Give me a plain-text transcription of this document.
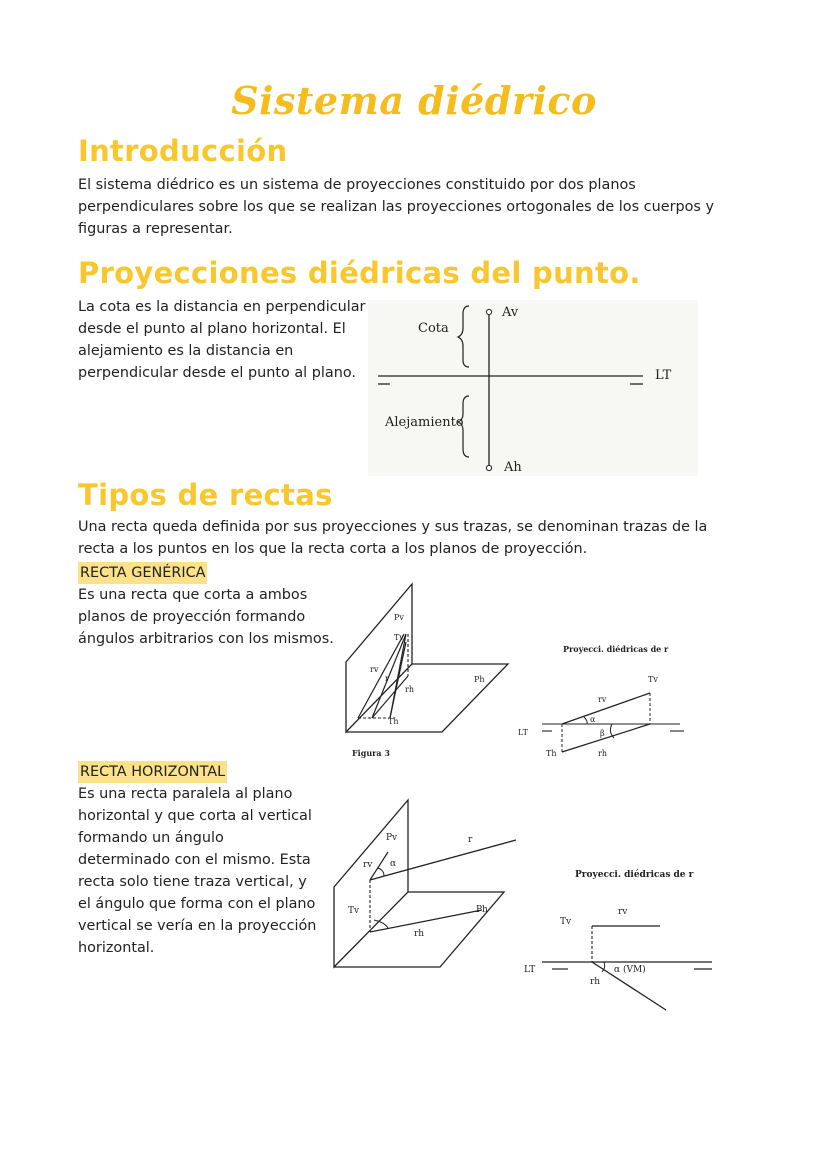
Sistema diédrico
Introducción

El sistema diédrico es un sistema de proyecciones constituido por dos planos perpendiculares sobre los que se realizan las proyecciones ortogonales de los cuerpos y figuras a representar.

Proyecciones diédricas del punto.

La cota es la distancia en perpendicular desde el punto al plano horizontal. El alejamiento es la distancia en perpendicular desde el punto al plano.	LT
Av
Ah
Cota
Alejamiento
Tipos de rectas

Una recta queda definida por sus proyecciones y sus trazas, se denominan trazas de la recta a los puntos en los que la recta corta a los planos de proyección.

RECTA GENÉRICA

Es una recta que corta a ambos planos de proyección formando ángulos arbitrarios con los mismos.

Pv
Ph
Tv
Th
rv
r
rh
Figura 3
Proyecci. diédricas de r
LT
Tv
rv
α
β
Th	rh
RECTA HORIZONTAL

Es una recta paralela al plano horizontal y que corta al vertical formando un ángulo determinado con el mismo. Esta recta solo tiene traza vertical, y el ángulo que forma con el plano vertical se vería en la proyección horizontal.

Pv
Ph
r
rv α
Tv
rh
Proyecci. diédricas de r
LT
Tv
rv
α (VM)
rh
